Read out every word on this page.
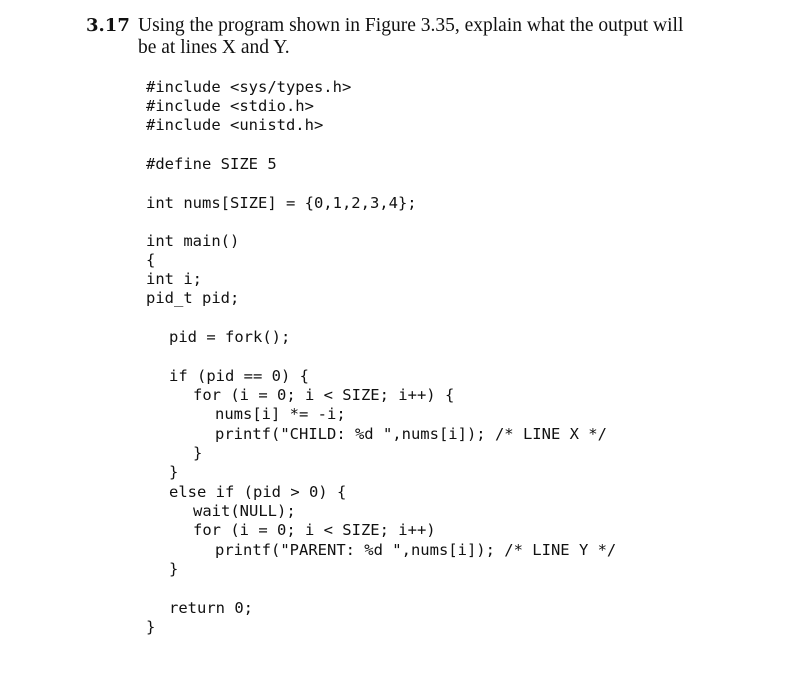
3.17 Using the program shown in Figure 3.35, explain what the output will
be at lines X and Y.
#include <sys/types.h>
#include <stdio.h>
#include <unistd.h>
#define SIZE 5
int nums[SIZE] = {0,1,2,3,4};
int main()
{
int i;
pid_t pid;
pid = fork();
if (pid == 0) {
for (i = 0; i < SIZE; i++) {
nums[i] *= -i;
printf("CHILD: %d ",nums[i]); /* LINE X */
}
}
else if (pid > 0) {
wait(NULL);
for (i = 0; i < SIZE; i++)
printf("PARENT: %d ",nums[i]); /* LINE Y */
}
return 0;
}
